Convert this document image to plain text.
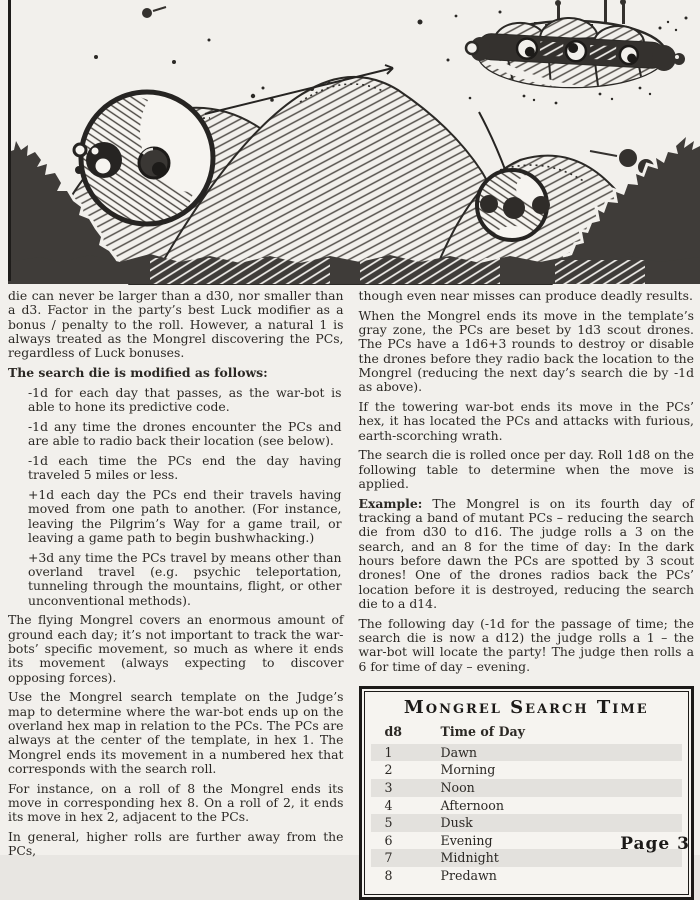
die can never be larger than a d30, nor smaller than a d3. Factor in the party’s best Luck modifier as a bonus / penalty to the roll. However, a natural 1 is always treated as the Mongrel discovering the PCs, regardless of Luck bonuses.

The search die is modified as follows:

-1d for each day that passes, as the war-bot is able to hone its predictive code.

-1d any time the drones encounter the PCs and are able to radio back their location (see below).

-1d each time the PCs end the day having traveled 5 miles or less.

+1d each day the PCs end their travels having moved from one path to another. (For instance, leaving the Pilgrim’s Way for a game trail, or leaving a game path to begin bushwhacking.)

+3d any time the PCs travel by means other than overland travel (e.g. psychic teleportation, tunneling through the mountains, flight, or other unconventional methods).

The flying Mongrel covers an enormous amount of ground each day; it’s not important to track the war-bots’ specific movement, so much as where it ends its movement (always expecting to discover opposing forces).

Use the Mongrel search template on the Judge’s map to determine where the war-bot ends up on the overland hex map in relation to the PCs. The PCs are always at the center of the template, in hex 1. The Mongrel ends its movement in a numbered hex that corresponds with the search roll.

For instance, on a roll of 8 the Mongrel ends its move in corresponding hex 8. On a roll of 2, it ends its move in hex 2, adjacent to the PCs.

In general, higher rolls are further away from the PCs,

though even near misses can produce deadly results.

When the Mongrel ends its move in the template’s gray zone, the PCs are beset by 1d3 scout drones. The PCs have a 1d6+3 rounds to destroy or disable the drones before they radio back the location to the Mongrel (reducing the next day’s search die by -1d as above).

If the towering war-bot ends its move in the PCs’ hex, it has located the PCs and attacks with furious, earth-scorching wrath.

The search die is rolled once per day. Roll 1d8 on the following table to determine when the move is applied.

Example: The Mongrel is on its fourth day of tracking a band of mutant PCs – reducing the search die from d30 to d16. The judge rolls a 3 on the search, and an 8 for the time of day: In the dark hours before dawn the PCs are spotted by 3 scout drones! One of the drones radios back the PCs’ location before it is destroyed, reducing the search die to a d14.

The following day (-1d for the passage of time; the search die is now a d12) the judge rolls a 1 – the war-bot will locate the party! The judge then rolls a 6 for time of day – evening.

Mongrel Search Time
d8	Time of Day
1	Dawn
2	Morning
3	Noon
4	Afternoon
5	Dusk
6	Evening
7	Midnight
8	Predawn
Page 3
